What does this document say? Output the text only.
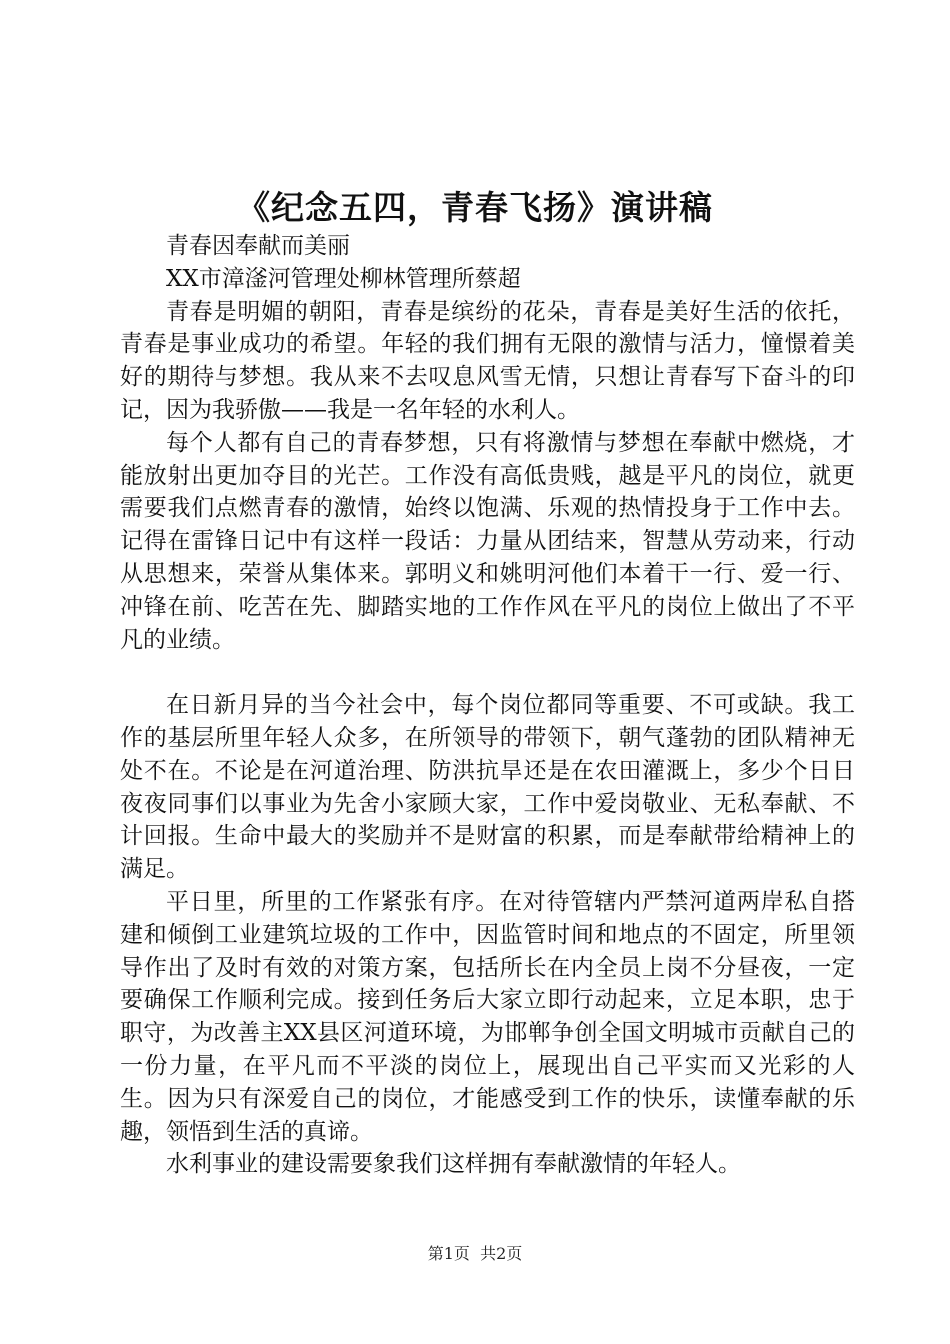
《纪念五四，青春飞扬》演讲稿

青春因奉献而美丽

XX市漳滏河管理处柳林管理所蔡超

青春是明媚的朝阳，青春是缤纷的花朵，青春是美好生活的依托，青春是事业成功的希望。年轻的我们拥有无限的激情与活力，憧憬着美好的期待与梦想。我从来不去叹息风雪无情，只想让青春写下奋斗的印记，因为我骄傲——我是一名年轻的水利人。

每个人都有自己的青春梦想，只有将激情与梦想在奉献中燃烧，才能放射出更加夺目的光芒。工作没有高低贵贱，越是平凡的岗位，就更需要我们点燃青春的激情，始终以饱满、乐观的热情投身于工作中去。记得在雷锋日记中有这样一段话：力量从团结来，智慧从劳动来，行动从思想来，荣誉从集体来。郭明义和姚明河他们本着干一行、爱一行、冲锋在前、吃苦在先、脚踏实地的工作作风在平凡的岗位上做出了不平凡的业绩。

在日新月异的当今社会中，每个岗位都同等重要、不可或缺。我工作的基层所里年轻人众多，在所领导的带领下，朝气蓬勃的团队精神无处不在。不论是在河道治理、防洪抗旱还是在农田灌溉上，多少个日日夜夜同事们以事业为先舍小家顾大家，工作中爱岗敬业、无私奉献、不计回报。生命中最大的奖励并不是财富的积累，而是奉献带给精神上的满足。

平日里，所里的工作紧张有序。在对待管辖内严禁河道两岸私自搭建和倾倒工业建筑垃圾的工作中，因监管时间和地点的不固定，所里领导作出了及时有效的对策方案，包括所长在内全员上岗不分昼夜，一定要确保工作顺利完成。接到任务后大家立即行动起来，立足本职，忠于职守，为改善主XX县区河道环境，为邯郸争创全国文明城市贡献自己的一份力量，在平凡而不平淡的岗位上，展现出自己平实而又光彩的人生。因为只有深爱自己的岗位，才能感受到工作的快乐，读懂奉献的乐趣，领悟到生活的真谛。

水利事业的建设需要象我们这样拥有奉献激情的年轻人。

第1页 共2页
